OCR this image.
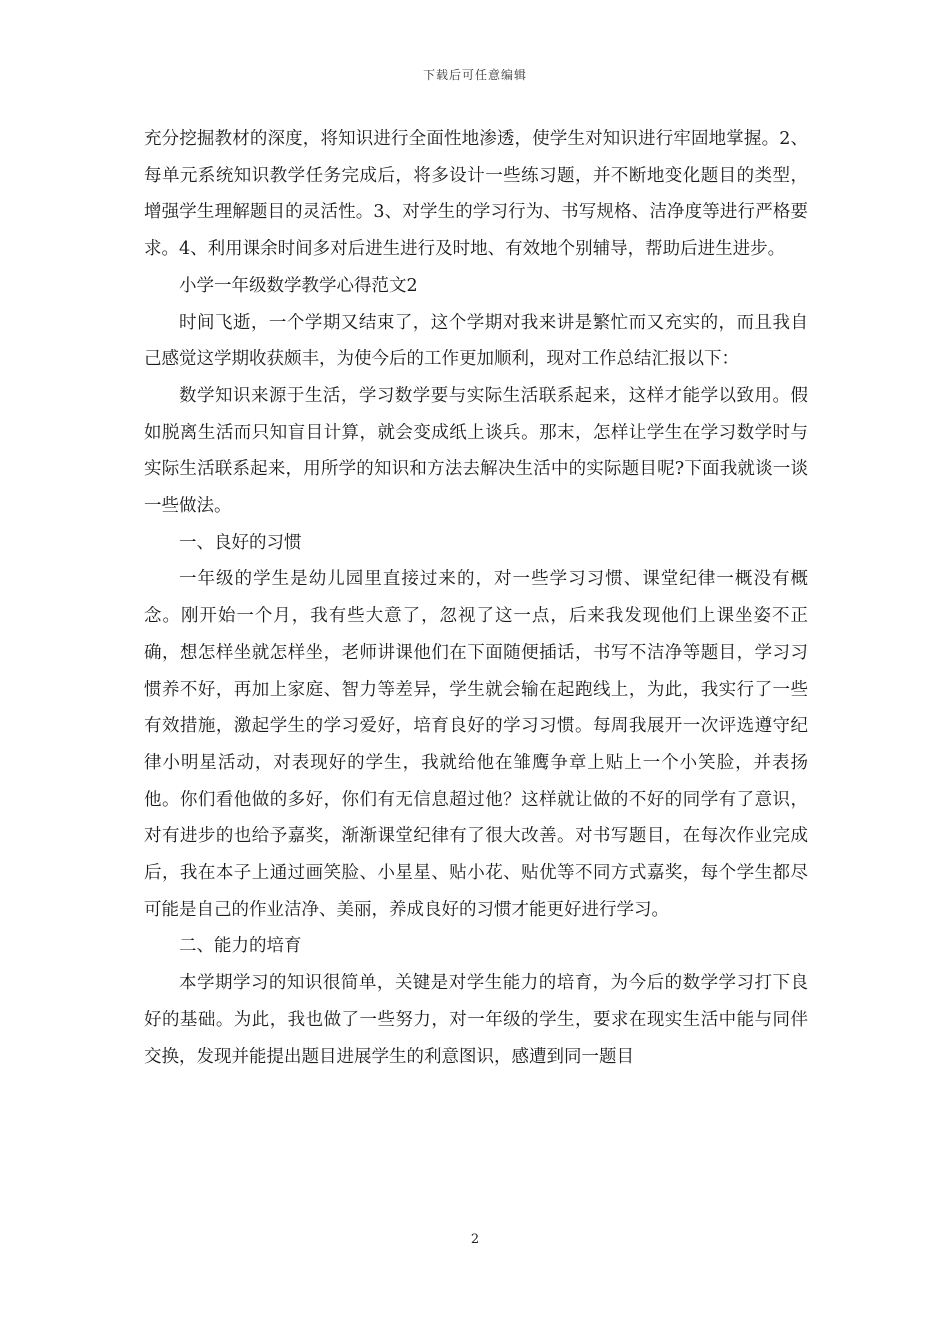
下载后可任意编辑

充分挖掘教材的深度，将知识进行全面性地渗透，使学生对知识进行牢固地掌握。2、每单元系统知识教学任务完成后，将多设计一些练习题，并不断地变化题目的类型，增强学生理解题目的灵活性。3、对学生的学习行为、书写规格、洁净度等进行严格要求。4、利用课余时间多对后进生进行及时地、有效地个别辅导，帮助后进生进步。

小学一年级数学教学心得范文2

时间飞逝，一个学期又结束了，这个学期对我来讲是繁忙而又充实的，而且我自己感觉这学期收获颇丰，为使今后的工作更加顺利，现对工作总结汇报以下：

数学知识来源于生活，学习数学要与实际生活联系起来，这样才能学以致用。假如脱离生活而只知盲目计算，就会变成纸上谈兵。那末，怎样让学生在学习数学时与实际生活联系起来，用所学的知识和方法去解决生活中的实际题目呢?下面我就谈一谈一些做法。

一、良好的习惯

一年级的学生是幼儿园里直接过来的，对一些学习习惯、课堂纪律一概没有概念。刚开始一个月，我有些大意了，忽视了这一点，后来我发现他们上课坐姿不正确，想怎样坐就怎样坐，老师讲课他们在下面随便插话，书写不洁净等题目，学习习惯养不好，再加上家庭、智力等差异，学生就会输在起跑线上，为此，我实行了一些有效措施，激起学生的学习爱好，培育良好的学习习惯。每周我展开一次评选遵守纪律小明星活动，对表现好的学生，我就给他在雏鹰争章上贴上一个小笑脸，并表扬他。你们看他做的多好，你们有无信息超过他？这样就让做的不好的同学有了意识，对有进步的也给予嘉奖，渐渐课堂纪律有了很大改善。对书写题目，在每次作业完成后，我在本子上通过画笑脸、小星星、贴小花、贴优等不同方式嘉奖，每个学生都尽可能是自己的作业洁净、美丽，养成良好的习惯才能更好进行学习。

二、能力的培育

本学期学习的知识很简单，关键是对学生能力的培育，为今后的数学学习打下良好的基础。为此，我也做了一些努力，对一年级的学生，要求在现实生活中能与同伴交换，发现并能提出题目进展学生的利意图识，感遭到同一题目

2
